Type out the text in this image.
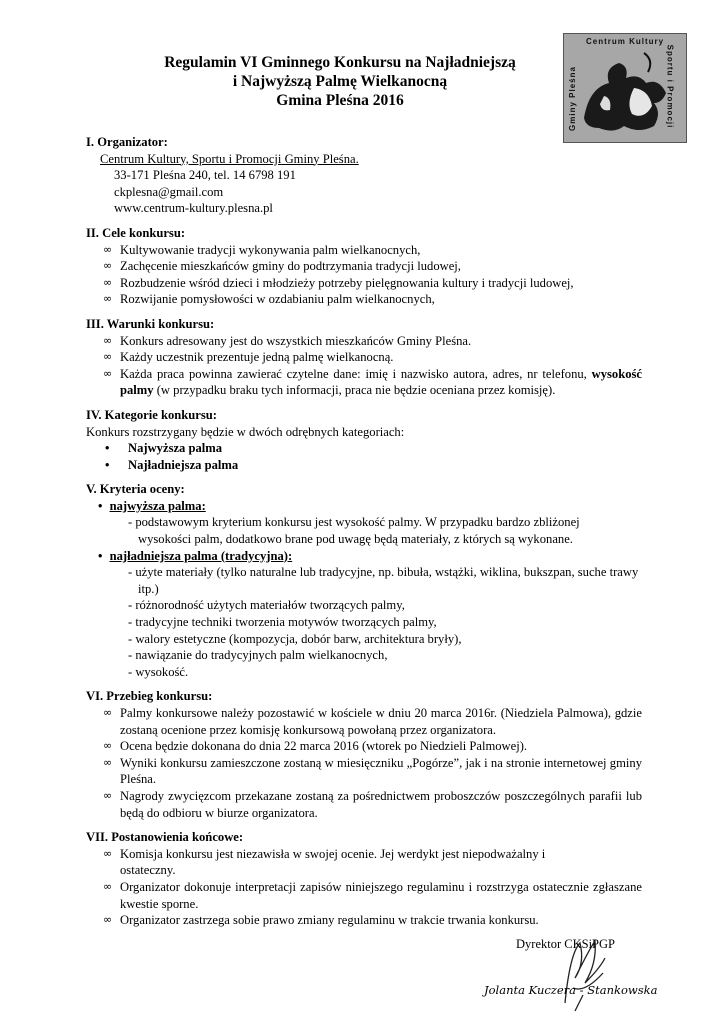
Regulamin VI Gminnego Konkursu na Najładniejszą
i Najwyższą Palmę Wielkanocną
Gmina Pleśna 2016
Centrum Kultury
Sportu i Promocji
Gminy Pleśna
I. Organizator:
Centrum Kultury, Sportu i Promocji Gminy Pleśna.
33-171 Pleśna 240, tel. 14 6798 191
ckplesna@gmail.com
www.centrum-kultury.plesna.pl
II. Cele konkursu:
∞ Kultywowanie tradycji wykonywania palm wielkanocnych,
∞ Zachęcenie mieszkańców gminy do podtrzymania tradycji ludowej,
∞ Rozbudzenie wśród dzieci i młodzieży potrzeby pielęgnowania kultury i tradycji ludowej,
∞ Rozwijanie pomysłowości w ozdabianiu palm wielkanocnych,
III. Warunki konkursu:
∞ Konkurs adresowany jest do wszystkich mieszkańców Gminy Pleśna.
∞ Każdy uczestnik prezentuje jedną palmę wielkanocną.
∞ Każda praca powinna zawierać czytelne dane: imię i nazwisko autora, adres, nr telefonu, wysokość palmy (w przypadku braku tych informacji, praca nie będzie oceniana przez komisję).
IV. Kategorie konkursu:
Konkurs rozstrzygany będzie w dwóch odrębnych kategoriach:
• Najwyższa palma
• Najładniejsza palma
V. Kryteria oceny:
• najwyższa palma:

- podstawowym kryterium konkursu jest wysokość palmy. W przypadku bardzo zbliżonej

wysokości palm, dodatkowo brane pod uwagę będą materiały, z których są wykonane.

• najładniejsza palma (tradycyjna):

- użyte materiały (tylko naturalne lub tradycyjne, np. bibuła, wstążki, wiklina, bukszpan, suche trawy itp.)

- różnorodność użytych materiałów tworzących palmy,

- tradycyjne techniki tworzenia motywów tworzących palmy,

- walory estetyczne (kompozycja, dobór barw, architektura bryły),

- nawiązanie do tradycyjnych palm wielkanocnych,

- wysokość.

VI. Przebieg konkursu:
∞ Palmy konkursowe należy pozostawić w kościele w dniu 20 marca 2016r. (Niedziela Palmowa), gdzie zostaną ocenione przez komisję konkursową powołaną przez organizatora.
∞ Ocena będzie dokonana do dnia 22 marca 2016 (wtorek po Niedzieli Palmowej).
∞ Wyniki konkursu zamieszczone zostaną w miesięczniku „Pogórze”, jak i na stronie internetowej gminy Pleśna.
∞ Nagrody zwycięzcom przekazane zostaną za pośrednictwem proboszczów poszczególnych parafii lub będą do odbioru w biurze organizatora.
VII. Postanowienia końcowe:
∞ Komisja konkursu jest niezawisła w swojej ocenie. Jej werdykt jest niepodważalny i ostateczny.
∞ Organizator dokonuje interpretacji zapisów niniejszego regulaminu i rozstrzyga ostatecznie zgłaszane kwestie sporne.
∞ Organizator zastrzega sobie prawo zmiany regulaminu w trakcie trwania konkursu.
Dyrektor CKSiPGP
Jolanta Kuczera - Stankowska
